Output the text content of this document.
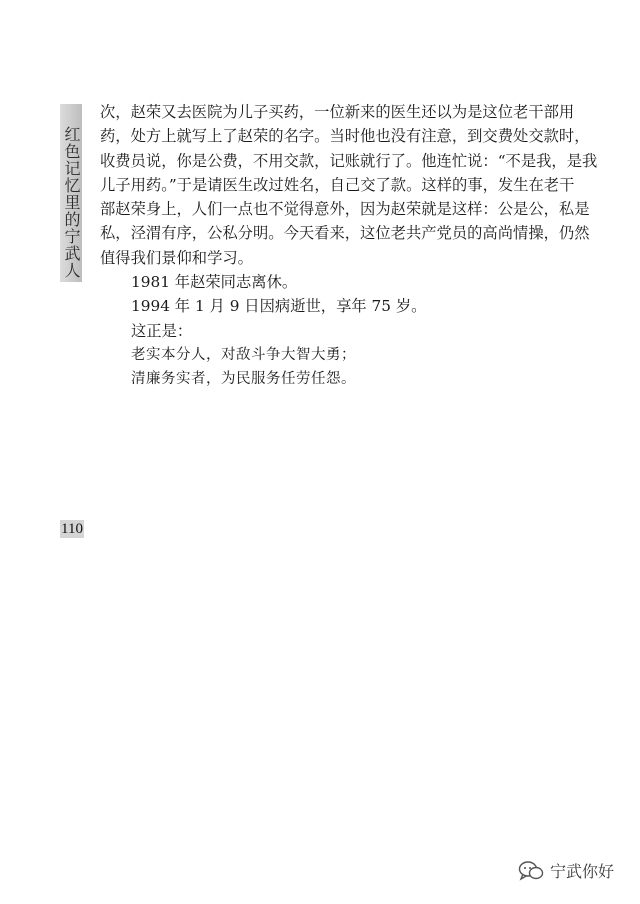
红色记忆里的宁武人
次，赵荣又去医院为儿子买药，一位新来的医生还以为是这位老干部用
药，处方上就写上了赵荣的名字。当时他也没有注意，到交费处交款时，
收费员说，你是公费，不用交款，记账就行了。他连忙说：“不是我，是我
儿子用药。”于是请医生改过姓名，自己交了款。这样的事，发生在老干
部赵荣身上，人们一点也不觉得意外，因为赵荣就是这样：公是公，私是
私，泾渭有序，公私分明。今天看来，这位老共产党员的高尚情操，仍然
值得我们景仰和学习。
1981 年赵荣同志离休。
1994 年 1 月 9 日因病逝世，享年 75 岁。
这正是：
老实本分人，对敌斗争大智大勇；
清廉务实者，为民服务任劳任怨。
110
宁武你好
